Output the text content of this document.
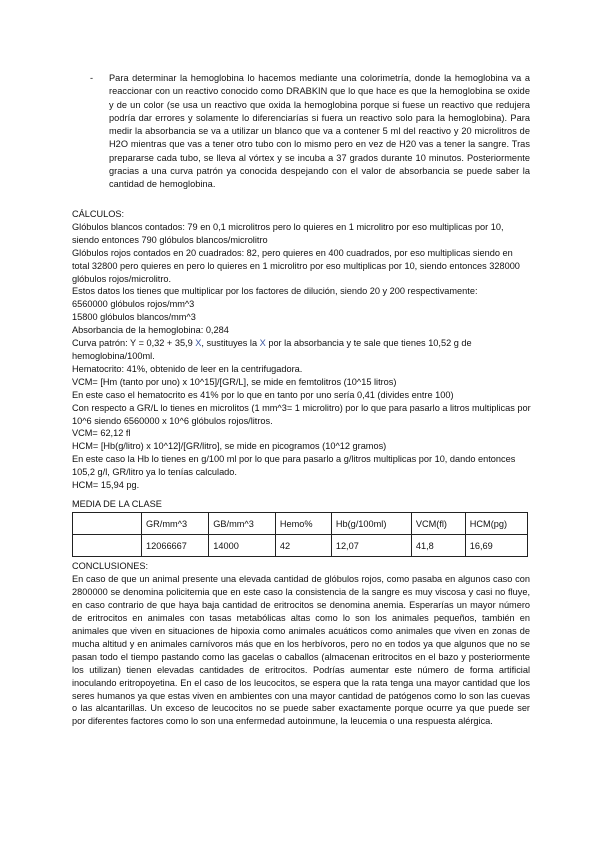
- Para determinar la hemoglobina lo hacemos mediante una colorimetría, donde la hemoglobina va a reaccionar con un reactivo conocido como DRABKIN que lo que hace es que la hemoglobina se oxide y de un color (se usa un reactivo que oxida la hemoglobina porque si fuese un reactivo que redujera podría dar errores y solamente lo diferenciarías si fuera un reactivo solo para la hemoglobina). Para medir la absorbancia se va a utilizar un blanco que va a contener 5 ml del reactivo y 20 microlitros de H2O mientras que vas a tener otro tubo con lo mismo pero en vez de H20 vas a tener la sangre. Tras prepararse cada tubo, se lleva al vórtex y se incuba a 37 grados durante 10 minutos. Posteriormente gracias a una curva patrón ya conocida despejando con el valor de absorbancia se puede saber la cantidad de hemoglobina.
CÁLCULOS:
Glóbulos blancos contados: 79 en 0,1 microlitros pero lo quieres en 1 microlitro por eso multiplicas por 10, siendo entonces 790 glóbulos blancos/microlitro
Glóbulos rojos contados en 20 cuadrados: 82, pero quieres en 400 cuadrados, por eso multiplicas siendo en total 32800 pero quieres en pero lo quieres en 1 microlitro por eso multiplicas por 10, siendo entonces 328000 glóbulos rojos/microlitro.
Estos datos los tienes que multiplicar por los factores de dilución, siendo 20 y 200 respectivamente:
6560000 glóbulos rojos/mm^3
15800 glóbulos blancos/mm^3
Absorbancia de la hemoglobina: 0,284
Curva patrón: Y = 0,32 + 35,9 X, sustituyes la X por la absorbancia y te sale que tienes 10,52 g de hemoglobina/100ml.
Hematocrito: 41%, obtenido de leer en la centrifugadora.
VCM= [Hm (tanto por uno) x 10^15]/[GR/L], se mide en femtolitros (10^15 litros)
En este caso el hematocrito es 41% por lo que en tanto por uno sería 0,41 (divides entre 100)
Con respecto a GR/L lo tienes en microlitos (1 mm^3= 1 microlitro) por lo que para pasarlo a litros multiplicas por 10^6 siendo 6560000 x 10^6 glóbulos rojos/litros.
VCM= 62,12 fl
HCM= [Hb(g/litro) x 10^12]/[GR/litro], se mide en picogramos (10^12 gramos)
En este caso la Hb lo tienes en g/100 ml por lo que para pasarlo a g/litros multiplicas por 10, dando entonces 105,2 g/l, GR/litro ya lo tenías calculado.
HCM= 15,94 pg.
MEDIA DE LA CLASE
	GR/mm^3	GB/mm^3	Hemo%	Hb(g/100ml)	VCM(fl)	HCM(pg)
	12066667	14000	42	12,07	41,8	16,69
CONCLUSIONES:
En caso de que un animal presente una elevada cantidad de glóbulos rojos, como pasaba en algunos caso con 2800000 se denomina policitemia que en este caso la consistencia de la sangre es muy viscosa y casi no fluye, en caso contrario de que haya baja cantidad de eritrocitos se denomina anemia. Esperarías un mayor número de eritrocitos en animales con tasas metabólicas altas como lo son los animales pequeños, también en animales que viven en situaciones de hipoxia como animales acuáticos como animales que viven en zonas de mucha altitud y en animales carnívoros más que en los herbívoros, pero no en todos ya que algunos que no se pasan todo el tiempo pastando como las gacelas o caballos (almacenan eritrocitos en el bazo y posteriormente los utilizan) tienen elevadas cantidades de eritrocitos. Podrías aumentar este número de forma artificial inoculando eritropoyetina. En el caso de los leucocitos, se espera que la rata tenga una mayor cantidad que los seres humanos ya que estas viven en ambientes con una mayor cantidad de patógenos como lo son las cuevas o las alcantarillas. Un exceso de leucocitos no se puede saber exactamente porque ocurre ya que puede ser por diferentes factores como lo son una enfermedad autoinmune, la leucemia o una respuesta alérgica.
